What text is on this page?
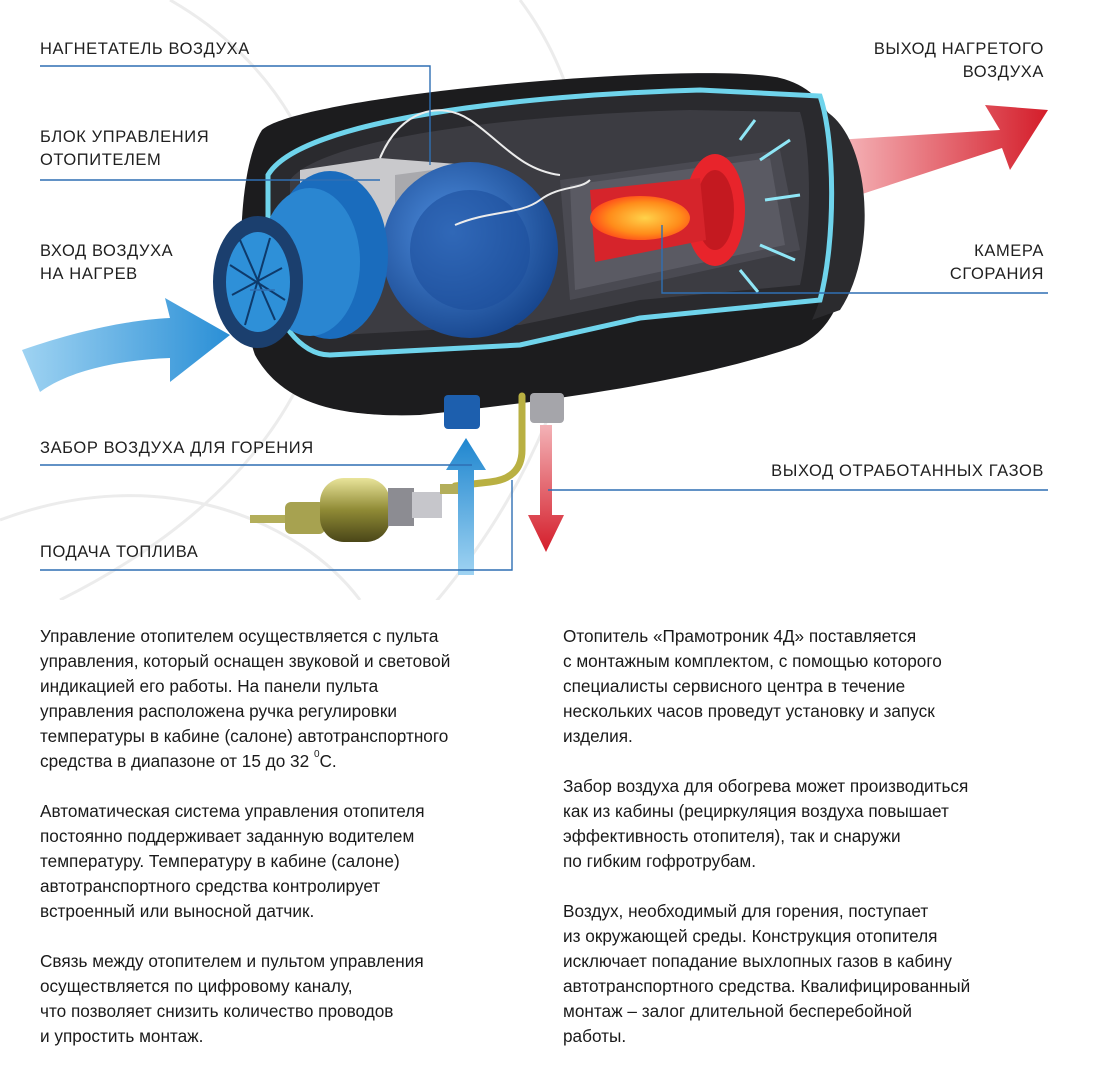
НАГНЕТАТЕЛЬ ВОЗДУХА
БЛОК УПРАВЛЕНИЯ
ОТОПИТЕЛЕМ
ВХОД ВОЗДУХА
НА НАГРЕВ
ЗАБОР ВОЗДУХА ДЛЯ ГОРЕНИЯ
ПОДАЧА ТОПЛИВА
ВЫХОД НАГРЕТОГО
ВОЗДУХА
КАМЕРА
СГОРАНИЯ
ВЫХОД ОТРАБОТАННЫХ ГАЗОВ

Управление отопителем осуществляется с пульта
управления, который оснащен звуковой и световой
индикацией его работы. На панели пульта
управления расположена ручка регулировки
температуры в кабине (салоне) автотранспортного
средства в диапазоне от 15 до 32 $^0$С.

Автоматическая система управления отопителя
постоянно поддерживает заданную водителем
температуру. Температуру в кабине (салоне)
автотранспортного средства контролирует
встроенный или выносной датчик.

Связь между отопителем и пультом управления
осуществляется по цифровому каналу,
что позволяет снизить количество проводов
и упростить монтаж.

Отопитель «Прамотроник 4Д» поставляется
с монтажным комплектом, с помощью которого
специалисты сервисного центра в течение
нескольких часов проведут установку и запуск
изделия.

Забор воздуха для обогрева может производиться
как из кабины (рециркуляция воздуха повышает
эффективность отопителя), так и снаружи
по гибким гофротрубам.

Воздух, необходимый для горения, поступает
из окружающей среды. Конструкция отопителя
исключает попадание выхлопных газов в кабину
автотранспортного средства. Квалифицированный
монтаж – залог длительной бесперебойной
работы.
